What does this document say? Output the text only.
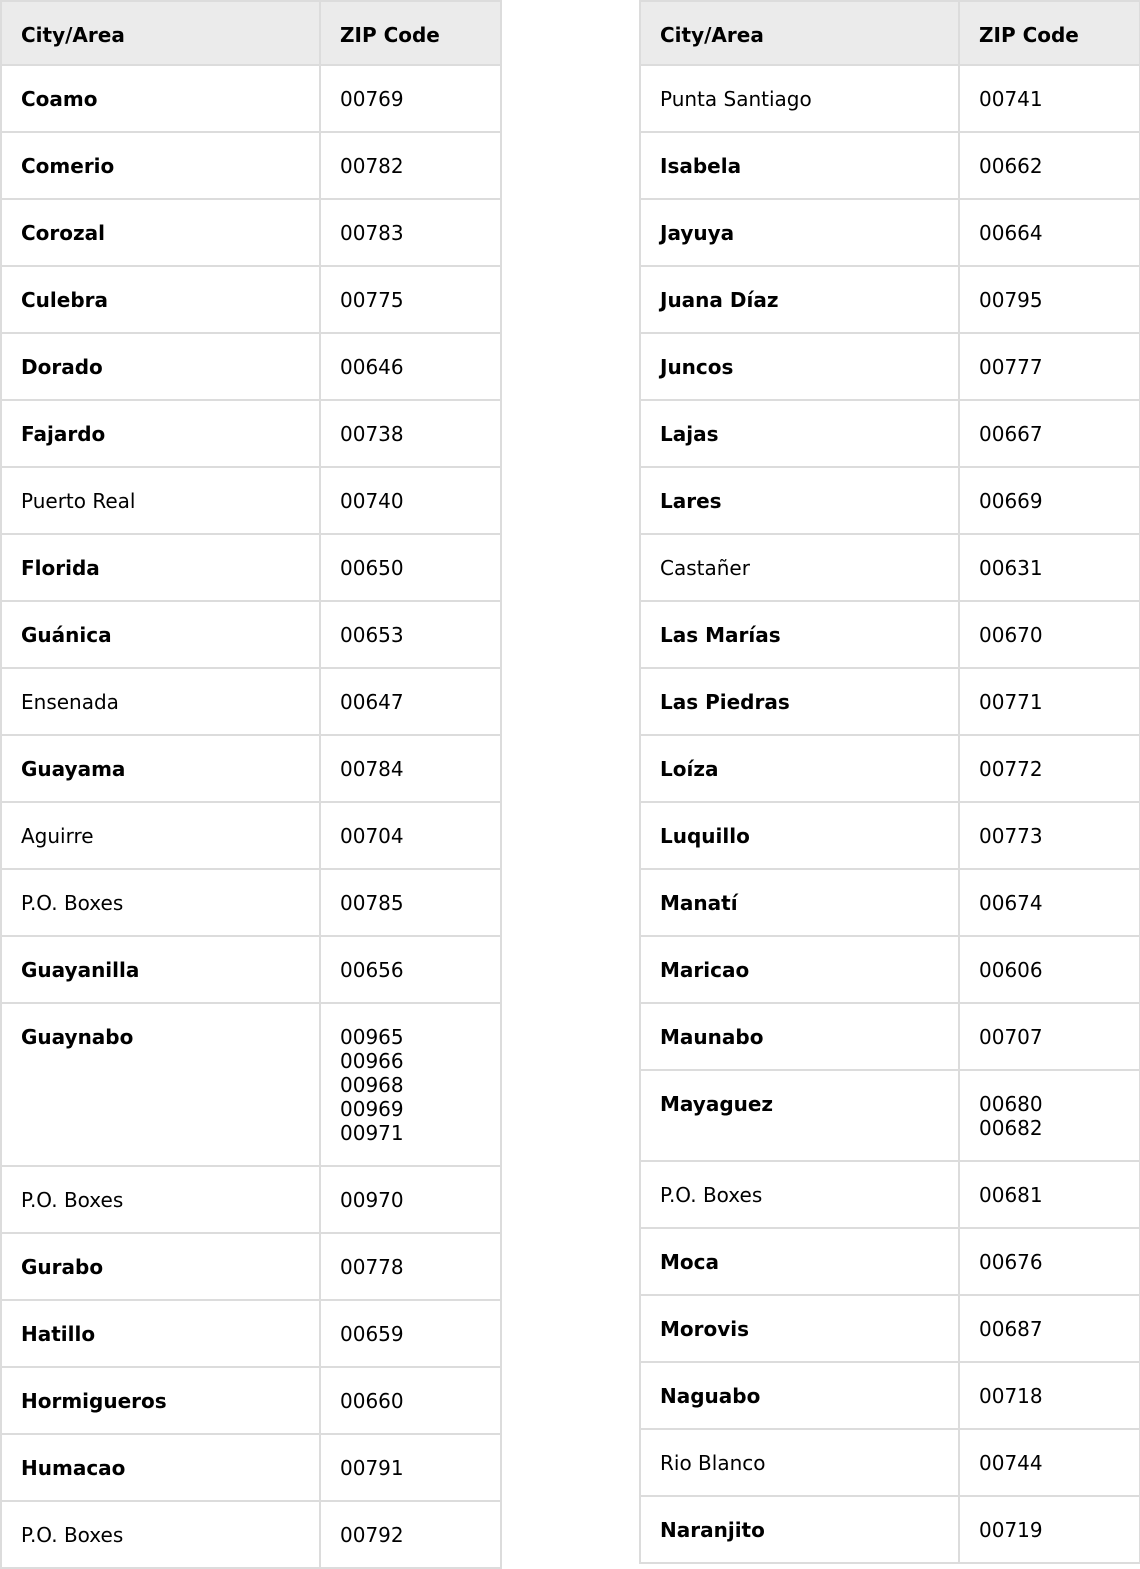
City/Area	ZIP Code
Coamo	00769

Comerio	00782

Corozal	00783

Culebra	00775

Dorado	00646

Fajardo	00738

Puerto Real	00740

Florida	00650

Guánica	00653

Ensenada	00647

Guayama	00784

Aguirre	00704

P.O. Boxes	00785

Guayanilla	00656

Guaynabo	00965
00966
00968
00969
00971

P.O. Boxes	00970

Gurabo	00778

Hatillo	00659

Hormigueros	00660

Humacao	00791

P.O. Boxes	00792
City/Area	ZIP Code
Punta Santiago	00741

Isabela	00662

Jayuya	00664

Juana Díaz	00795

Juncos	00777

Lajas	00667

Lares	00669

Castañer	00631

Las Marías	00670

Las Piedras	00771

Loíza	00772

Luquillo	00773

Manatí	00674

Maricao	00606

Maunabo	00707

Mayaguez	00680
00682

P.O. Boxes	00681

Moca	00676

Morovis	00687

Naguabo	00718

Rio Blanco	00744

Naranjito	00719
